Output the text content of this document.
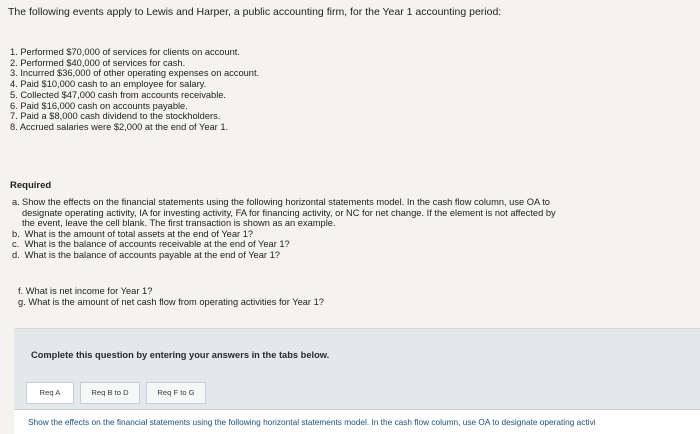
The following events apply to Lewis and Harper, a public accounting firm, for the Year 1 accounting period:

1. Performed $70,000 of services for clients on account.
2. Performed $40,000 of services for cash.
3. Incurred $36,000 of other operating expenses on account.
4. Paid $10,000 cash to an employee for salary.
5. Collected $47,000 cash from accounts receivable.
6. Paid $16,000 cash on accounts payable.
7. Paid a $8,000 cash dividend to the stockholders.
8. Accrued salaries were $2,000 at the end of Year 1.

Required

a. Show the effects on the financial statements using the following horizontal statements model. In the cash flow column, use OA to
designate operating activity, IA for investing activity, FA for financing activity, or NC for net change. If the element is not affected by
the event, leave the cell blank. The first transaction is shown as an example.
b. What is the amount of total assets at the end of Year 1?
c. What is the balance of accounts receivable at the end of Year 1?
d. What is the balance of accounts payable at the end of Year 1?
f. What is net income for Year 1?
g. What is the amount of net cash flow from operating activities for Year 1?

Complete this question by entering your answers in the tabs below.

Req A	Req B to D	Req F to G

Show the effects on the financial statements using the following horizontal statements model. In the cash flow column, use OA to designate operating activi
